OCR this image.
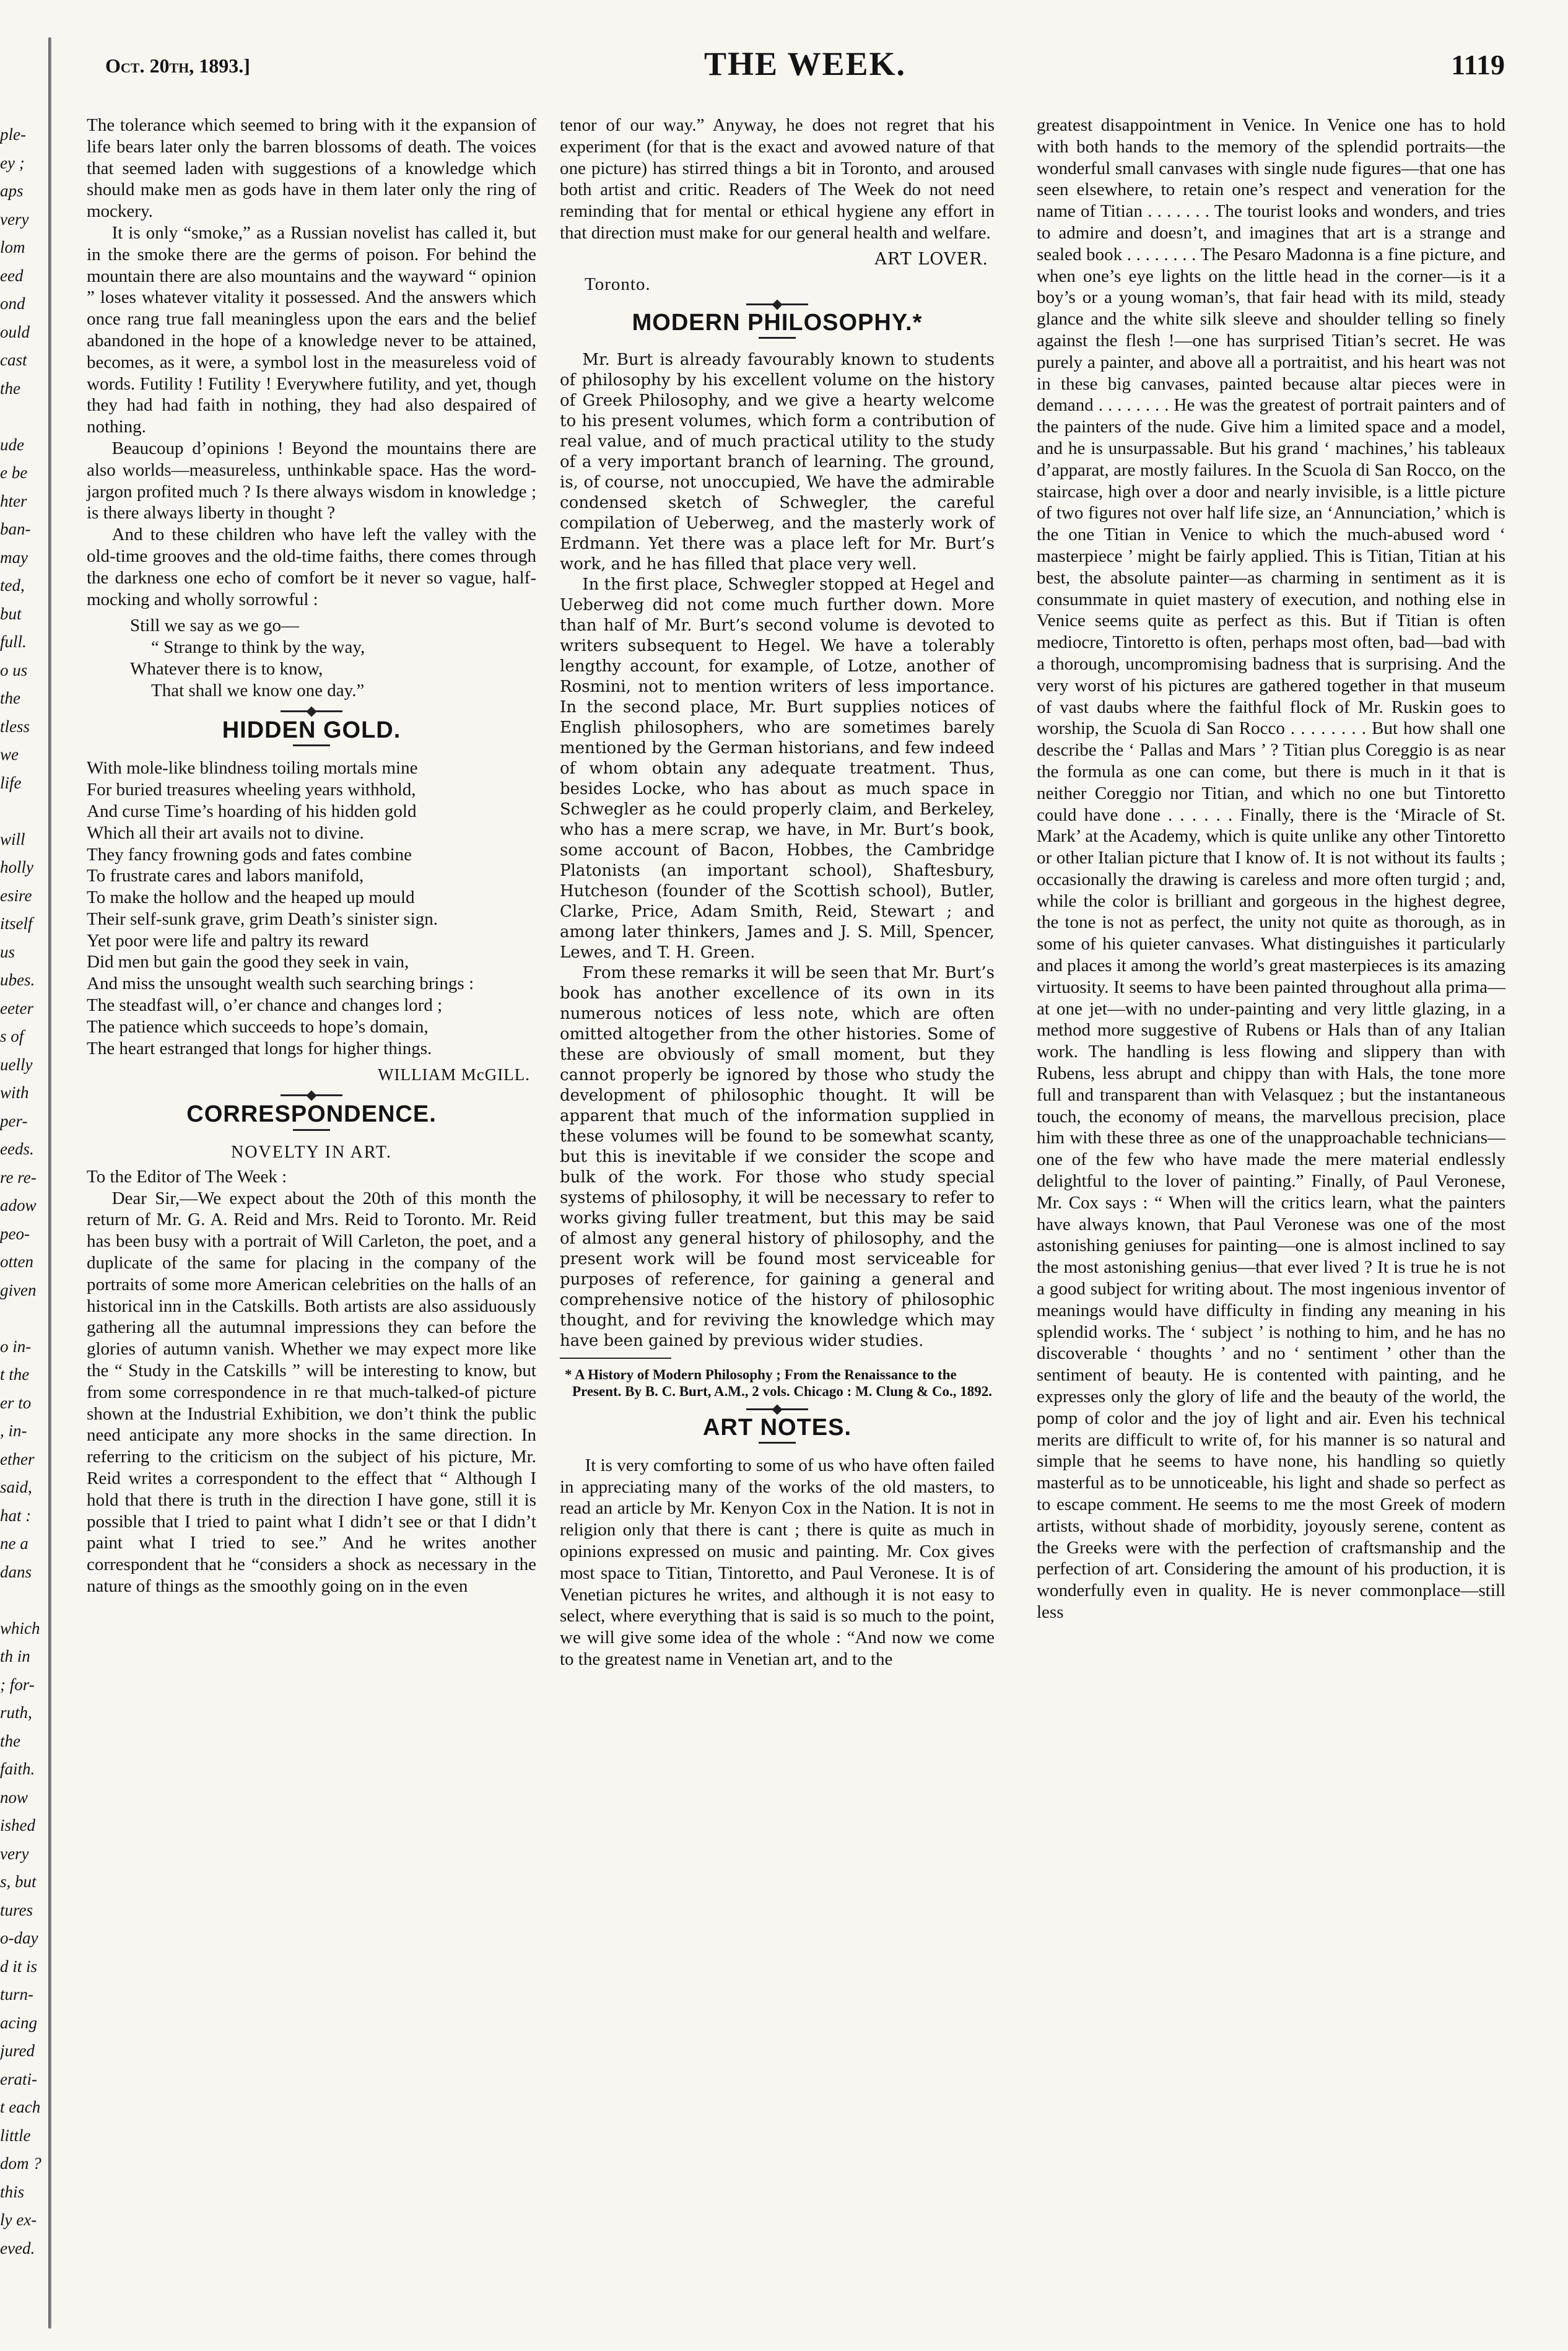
ple-
ey ;
aps
very
lom
eed
ond
ould
cast
the

ude
e be
hter
ban-
may
ted,
but
full.
o us
the
tless
we
life

will
holly
esire
itself
us
ubes.
eeter
s of
uelly
with
per-
eeds.
re re-
adow
peo-
otten
given

o in-
t the
er to
, in-
ether
said,
hat :
ne a
dans

which
th in
; for-
ruth,
the
faith.
now
ished
very
s, but
tures
o-day
d it is
turn-
acing
jured
erati-
t each
little
dom ?
this
ly ex-
eved.
Oct. 20th, 1893.]	THE WEEK.	1119

The tolerance which seemed to bring with it the expansion of life bears later only the barren blossoms of death. The voices that seemed laden with suggestions of a knowledge which should make men as gods have in them later only the ring of mockery.

It is only “smoke,” as a Russian novelist has called it, but in the smoke there are the germs of poison. For behind the mountain there are also mountains and the wayward “ opinion ” loses whatever vitality it possessed. And the answers which once rang true fall meaningless upon the ears and the belief abandoned in the hope of a knowledge never to be attained, becomes, as it were, a symbol lost in the measureless void of words. Futility ! Futility ! Everywhere futility, and yet, though they had had faith in nothing, they had also despaired of nothing.

Beaucoup d’opinions ! Beyond the mountains there are also worlds—measureless, unthinkable space. Has the word-jargon profited much ? Is there always wisdom in knowledge ; is there always liberty in thought ?

And to these children who have left the valley with the old-time grooves and the old-time faiths, there comes through the darkness one echo of comfort be it never so vague, half-mocking and wholly sorrowful :

Still we say as we go—
“ Strange to think by the way,
Whatever there is to know,
That shall we know one day.”
HIDDEN GOLD.
With mole-like blindness toiling mortals mine
For buried treasures wheeling years withhold,
And curse Time’s hoarding of his hidden gold
Which all their art avails not to divine.
They fancy frowning gods and fates combine
To frustrate cares and labors manifold,
To make the hollow and the heaped up mould
Their self-sunk grave, grim Death’s sinister sign.
Yet poor were life and paltry its reward
Did men but gain the good they seek in vain,
And miss the unsought wealth such searching brings :
The steadfast will, o’er chance and changes lord ;
The patience which succeeds to hope’s domain,
The heart estranged that longs for higher things.
WILLIAM McGILL.
CORRESPONDENCE.
NOVELTY IN ART.

To the Editor of The Week :

Dear Sir,—We expect about the 20th of this month the return of Mr. G. A. Reid and Mrs. Reid to Toronto. Mr. Reid has been busy with a portrait of Will Carleton, the poet, and a duplicate of the same for placing in the company of the portraits of some more American celebrities on the halls of an historical inn in the Catskills. Both artists are also assiduously gathering all the autumnal impressions they can before the glories of autumn vanish. Whether we may expect more like the “ Study in the Catskills ” will be interesting to know, but from some correspondence in re that much-talked-of picture shown at the Industrial Exhibition, we don’t think the public need anticipate any more shocks in the same direction. In referring to the criticism on the subject of his picture, Mr. Reid writes a correspondent to the effect that “ Although I hold that there is truth in the direction I have gone, still it is possible that I tried to paint what I didn’t see or that I didn’t paint what I tried to see.” And he writes another correspondent that he “considers a shock as necessary in the nature of things as the smoothly going on in the even

tenor of our way.” Anyway, he does not regret that his experiment (for that is the exact and avowed nature of that one picture) has stirred things a bit in Toronto, and aroused both artist and critic. Readers of The Week do not need reminding that for mental or ethical hygiene any effort in that direction must make for our general health and welfare.

ART LOVER.
Toronto.
MODERN PHILOSOPHY.*

Mr. Burt is already favourably known to students of philosophy by his excellent volume on the history of Greek Philosophy, and we give a hearty welcome to his present volumes, which form a contribution of real value, and of much practical utility to the study of a very important branch of learning. The ground, is, of course, not unoccupied, We have the admirable condensed sketch of Schwegler, the careful compilation of Ueberweg, and the masterly work of Erdmann. Yet there was a place left for Mr. Burt’s work, and he has filled that place very well.

In the first place, Schwegler stopped at Hegel and Ueberweg did not come much further down. More than half of Mr. Burt’s second volume is devoted to writers subsequent to Hegel. We have a tolerably lengthy account, for example, of Lotze, another of Rosmini, not to mention writers of less importance. In the second place, Mr. Burt supplies notices of English philosophers, who are sometimes barely mentioned by the German historians, and few indeed of whom obtain any adequate treatment. Thus, besides Locke, who has about as much space in Schwegler as he could properly claim, and Berkeley, who has a mere scrap, we have, in Mr. Burt’s book, some account of Bacon, Hobbes, the Cambridge Platonists (an important school), Shaftesbury, Hutcheson (founder of the Scottish school), Butler, Clarke, Price, Adam Smith, Reid, Stewart ; and among later thinkers, James and J. S. Mill, Spencer, Lewes, and T. H. Green.

From these remarks it will be seen that Mr. Burt’s book has another excellence of its own in its numerous notices of less note, which are often omitted altogether from the other histories. Some of these are obviously of small moment, but they cannot properly be ignored by those who study the development of philosophic thought. It will be apparent that much of the information supplied in these volumes will be found to be somewhat scanty, but this is inevitable if we consider the scope and bulk of the work. For those who study special systems of philosophy, it will be necessary to refer to works giving fuller treatment, but this may be said of almost any general history of philosophy, and the present work will be found most serviceable for purposes of reference, for gaining a general and comprehensive notice of the history of philosophic thought, and for reviving the knowledge which may have been gained by previous wider studies.

* A History of Modern Philosophy ; From the Renaissance to the Present. By B. C. Burt, A.M., 2 vols. Chicago : M. Clung & Co., 1892.
ART NOTES.

It is very comforting to some of us who have often failed in appreciating many of the works of the old masters, to read an article by Mr. Kenyon Cox in the Nation. It is not in religion only that there is cant ; there is quite as much in opinions expressed on music and painting. Mr. Cox gives most space to Titian, Tintoretto, and Paul Veronese. It is of Venetian pictures he writes, and although it is not easy to select, where everything that is said is so much to the point, we will give some idea of the whole : “And now we come to the greatest name in Venetian art, and to the

greatest disappointment in Venice. In Venice one has to hold with both hands to the memory of the splendid portraits—the wonderful small canvases with single nude figures—that one has seen elsewhere, to retain one’s respect and veneration for the name of Titian . . . . . . . The tourist looks and wonders, and tries to admire and doesn’t, and imagines that art is a strange and sealed book . . . . . . . . The Pesaro Madonna is a fine picture, and when one’s eye lights on the little head in the corner—is it a boy’s or a young woman’s, that fair head with its mild, steady glance and the white silk sleeve and shoulder telling so finely against the flesh !—one has surprised Titian’s secret. He was purely a painter, and above all a portraitist, and his heart was not in these big canvases, painted because altar pieces were in demand . . . . . . . . He was the greatest of portrait painters and of the painters of the nude. Give him a limited space and a model, and he is unsurpassable. But his grand ‘ machines,’ his tableaux d’apparat, are mostly failures. In the Scuola di San Rocco, on the staircase, high over a door and nearly invisible, is a little picture of two figures not over half life size, an ‘Annunciation,’ which is the one Titian in Venice to which the much-abused word ‘ masterpiece ’ might be fairly applied. This is Titian, Titian at his best, the absolute painter—as charming in sentiment as it is consummate in quiet mastery of execution, and nothing else in Venice seems quite as perfect as this. But if Titian is often mediocre, Tintoretto is often, perhaps most often, bad—bad with a thorough, uncompromising badness that is surprising. And the very worst of his pictures are gathered together in that museum of vast daubs where the faithful flock of Mr. Ruskin goes to worship, the Scuola di San Rocco . . . . . . . . But how shall one describe the ‘ Pallas and Mars ’ ? Titian plus Coreggio is as near the formula as one can come, but there is much in it that is neither Coreggio nor Titian, and which no one but Tintoretto could have done . . . . . . Finally, there is the ‘Miracle of St. Mark’ at the Academy, which is quite unlike any other Tintoretto or other Italian picture that I know of. It is not without its faults ; occasionally the drawing is careless and more often turgid ; and, while the color is brilliant and gorgeous in the highest degree, the tone is not as perfect, the unity not quite as thorough, as in some of his quieter canvases. What distinguishes it particularly and places it among the world’s great masterpieces is its amazing virtuosity. It seems to have been painted throughout alla prima—at one jet—with no under-painting and very little glazing, in a method more suggestive of Rubens or Hals than of any Italian work. The handling is less flowing and slippery than with Rubens, less abrupt and chippy than with Hals, the tone more full and transparent than with Velasquez ; but the instantaneous touch, the economy of means, the marvellous precision, place him with these three as one of the unapproachable technicians—one of the few who have made the mere material endlessly delightful to the lover of painting.” Finally, of Paul Veronese, Mr. Cox says : “ When will the critics learn, what the painters have always known, that Paul Veronese was one of the most astonishing geniuses for painting—one is almost inclined to say the most astonishing genius—that ever lived ? It is true he is not a good subject for writing about. The most ingenious inventor of meanings would have difficulty in finding any meaning in his splendid works. The ‘ subject ’ is nothing to him, and he has no discoverable ‘ thoughts ’ and no ‘ sentiment ’ other than the sentiment of beauty. He is contented with painting, and he expresses only the glory of life and the beauty of the world, the pomp of color and the joy of light and air. Even his technical merits are difficult to write of, for his manner is so natural and simple that he seems to have none, his handling so quietly masterful as to be unnoticeable, his light and shade so perfect as to escape comment. He seems to me the most Greek of modern artists, without shade of morbidity, joyously serene, content as the Greeks were with the perfection of craftsmanship and the perfection of art. Considering the amount of his production, it is wonderfully even in quality. He is never commonplace—still less
